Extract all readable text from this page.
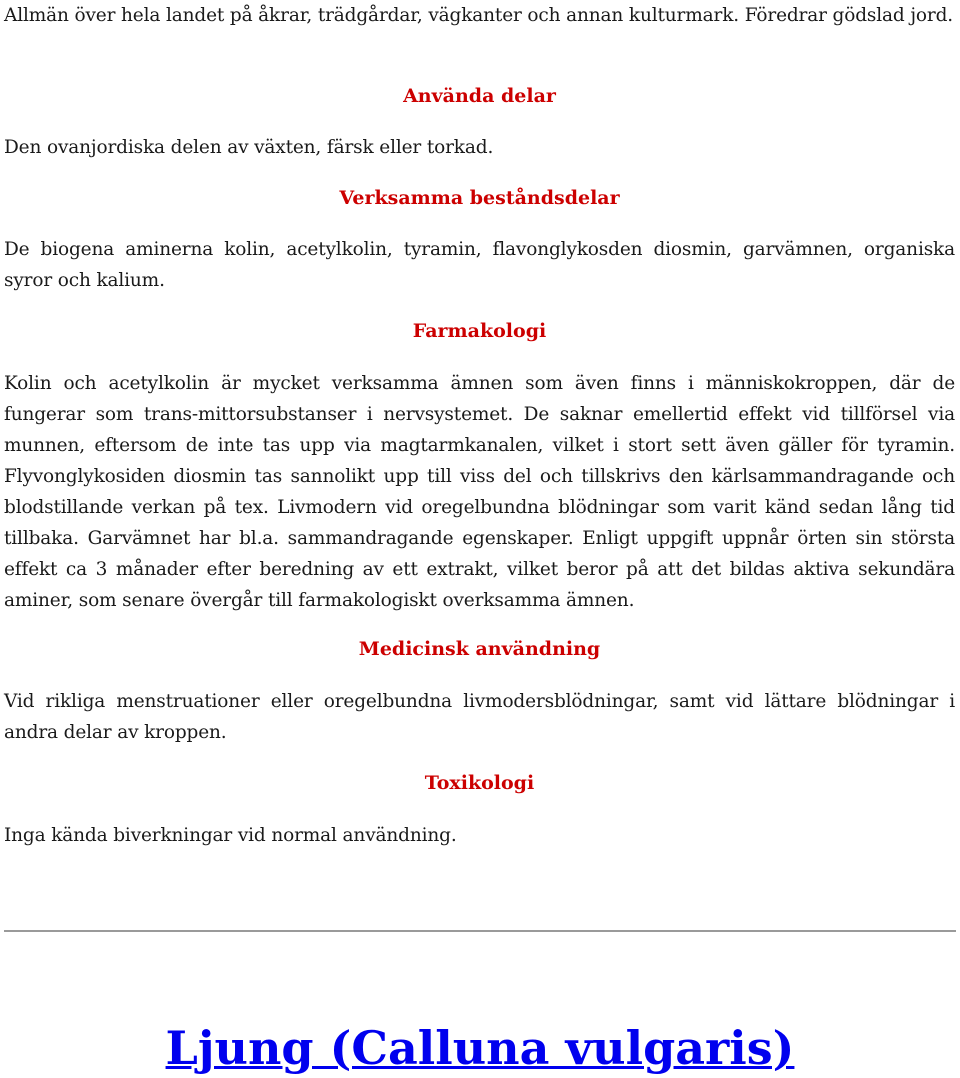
Allmän över hela landet på åkrar, trädgårdar, vägkanter och annan kulturmark. Föredrar gödslad jord.

Använda delar

Den ovanjordiska delen av växten, färsk eller torkad.

Verksamma beståndsdelar

De biogena aminerna kolin, acetylkolin, tyramin, flavonglykosden diosmin, garvämnen, organiska syror och kalium.

Farmakologi

Kolin och acetylkolin är mycket verksamma ämnen som även finns i människokroppen, där de fungerar som trans-mittorsubstanser i nervsystemet. De saknar emellertid effekt vid tillförsel via munnen, eftersom de inte tas upp via magtarmkanalen, vilket i stort sett även gäller för tyramin. Flyvonglykosiden diosmin tas sannolikt upp till viss del och tillskrivs den kärlsammandragande och blodstillande verkan på tex. Livmodern vid oregelbundna blödningar som varit känd sedan lång tid tillbaka. Garvämnet har bl.a. sammandragande egenskaper. Enligt uppgift uppnår örten sin största effekt ca 3 månader efter beredning av ett extrakt, vilket beror på att det bildas aktiva sekundära aminer, som senare övergår till farmakologiskt overksamma ämnen.

Medicinsk användning

Vid rikliga menstruationer eller oregelbundna livmodersblödningar, samt vid lättare blödningar i andra delar av kroppen.

Toxikologi

Inga kända biverkningar vid normal användning.

Ljung (Calluna vulgaris)
